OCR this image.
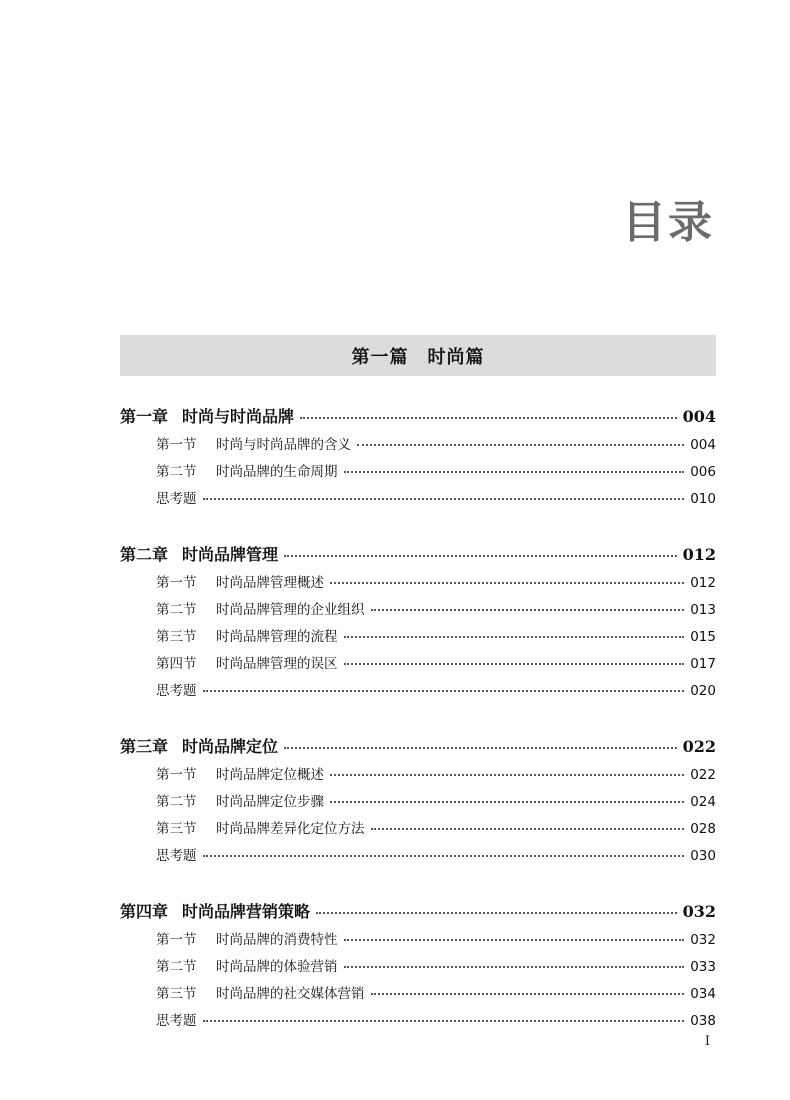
目录
第一篇　时尚篇
第一章 时尚与时尚品牌	004
第一节 时尚与时尚品牌的含义	004
第二节 时尚品牌的生命周期	006
思考题	010
第二章 时尚品牌管理	012
第一节 时尚品牌管理概述	012
第二节 时尚品牌管理的企业组织	013
第三节 时尚品牌管理的流程	015
第四节 时尚品牌管理的误区	017
思考题	020
第三章 时尚品牌定位	022
第一节 时尚品牌定位概述	022
第二节 时尚品牌定位步骤	024
第三节 时尚品牌差异化定位方法	028
思考题	030
第四章 时尚品牌营销策略	032
第一节 时尚品牌的消费特性	032
第二节 时尚品牌的体验营销	033
第三节 时尚品牌的社交媒体营销	034
思考题	038
I
